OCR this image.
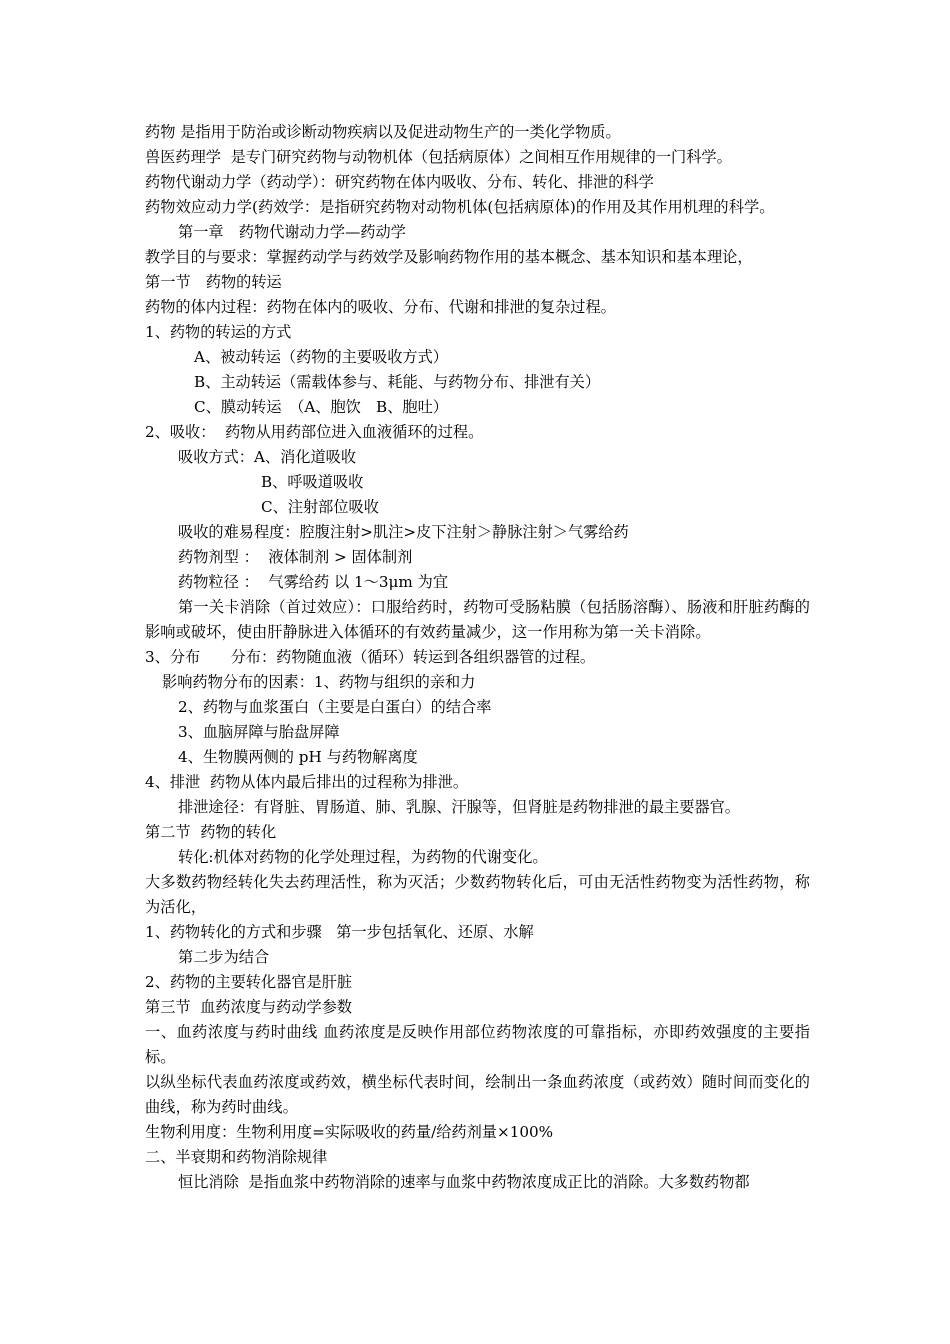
药物 是指用于防治或诊断动物疾病以及促进动物生产的一类化学物质。
兽医药理学  是专门研究药物与动物机体（包括病原体）之间相互作用规律的一门科学。
药物代谢动力学（药动学）：研究药物在体内吸收、分布、转化、排泄的科学
药物效应动力学(药效学：是指研究药物对动物机体(包括病原体)的作用及其作用机理的科学。
第一章　药物代谢动力学—药动学
教学目的与要求：掌握药动学与药效学及影响药物作用的基本概念、基本知识和基本理论，
第一节　药物的转运
药物的体内过程：药物在体内的吸收、分布、代谢和排泄的复杂过程。
1、药物的转运的方式
A、被动转运（药物的主要吸收方式）
B、主动转运（需载体参与、耗能、与药物分布、排泄有关）
C、膜动转运　（A、胞饮　B、胞吐）
2、吸收：  药物从用药部位进入血液循环的过程。
吸收方式：A、消化道吸收
B、呼吸道吸收
C、注射部位吸收
吸收的难易程度：腔腹注射>肌注>皮下注射＞静脉注射＞气雾给药
药物剂型 ：  液体制剂 > 固体制剂
药物粒径 ：  气雾给药 以 1～3μm 为宜
第一关卡消除（首过效应）：口服给药时，药物可受肠粘膜（包括肠溶酶）、肠液和肝脏药酶的影响或破坏，使由肝静脉进入体循环的有效药量减少，这一作用称为第一关卡消除。
3、分布　　分布：药物随血液（循环）转运到各组织器管的过程。
影响药物分布的因素：1、药物与组织的亲和力
2、药物与血浆蛋白（主要是白蛋白）的结合率
3、血脑屏障与胎盘屏障
4、生物膜两侧的 pH 与药物解离度
4、排泄  药物从体内最后排出的过程称为排泄。
排泄途径：有肾脏、胃肠道、肺、乳腺、汗腺等，但肾脏是药物排泄的最主要器官。
第二节  药物的转化
转化:机体对药物的化学处理过程，为药物的代谢变化。
大多数药物经转化失去药理活性，称为灭活；少数药物转化后，可由无活性药物变为活性药物，称为活化，
1、药物转化的方式和步骤   第一步包括氧化、还原、水解
第二步为结合
2、药物的主要转化器官是肝脏
第三节  血药浓度与药动学参数
一、血药浓度与药时曲线 血药浓度是反映作用部位药物浓度的可靠指标，亦即药效强度的主要指标。
以纵坐标代表血药浓度或药效，横坐标代表时间，绘制出一条血药浓度（或药效）随时间而变化的曲线，称为药时曲线。
生物利用度：生物利用度=实际吸收的药量/给药剂量×100%
二、半衰期和药物消除规律
恒比消除  是指血浆中药物消除的速率与血浆中药物浓度成正比的消除。大多数药物都
